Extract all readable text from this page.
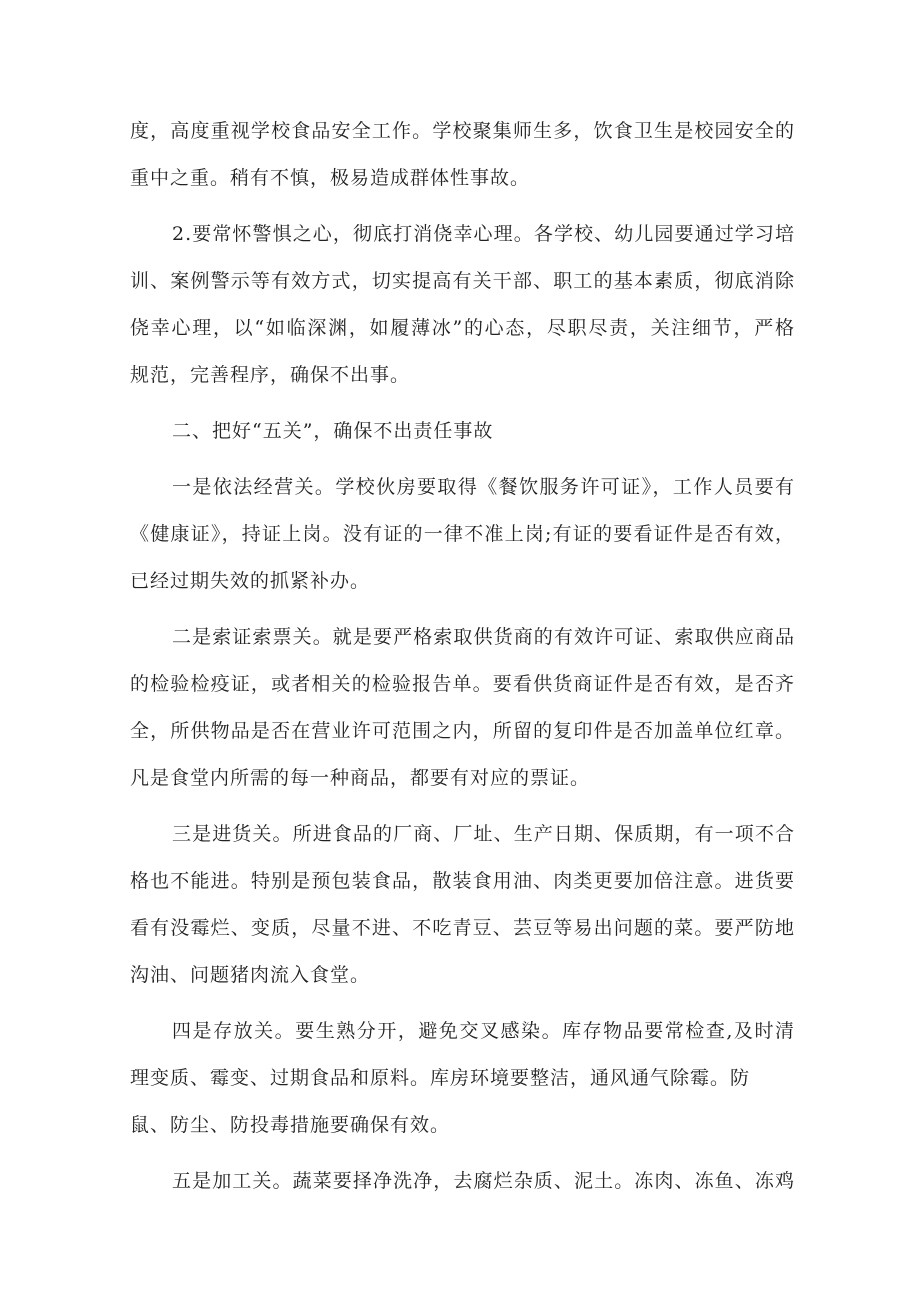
度，高度重视学校食品安全工作。学校聚集师生多，饮食卫生是校园安全的
重中之重。稍有不慎，极易造成群体性事故。
2.要常怀警惧之心，彻底打消侥幸心理。各学校、幼儿园要通过学习培
训、案例警示等有效方式，切实提高有关干部、职工的基本素质，彻底消除
侥幸心理，以“如临深渊，如履薄冰”的心态，尽职尽责，关注细节，严格
规范，完善程序，确保不出事。
二、把好“五关”，确保不出责任事故
一是依法经营关。学校伙房要取得《餐饮服务许可证》，工作人员要有
《健康证》，持证上岗。没有证的一律不准上岗;有证的要看证件是否有效，
已经过期失效的抓紧补办。
二是索证索票关。就是要严格索取供货商的有效许可证、索取供应商品
的检验检疫证，或者相关的检验报告单。要看供货商证件是否有效，是否齐
全，所供物品是否在营业许可范围之内，所留的复印件是否加盖单位红章。
凡是食堂内所需的每一种商品，都要有对应的票证。
三是进货关。所进食品的厂商、厂址、生产日期、保质期，有一项不合
格也不能进。特别是预包装食品，散装食用油、肉类更要加倍注意。进货要
看有没霉烂、变质，尽量不进、不吃青豆、芸豆等易出问题的菜。要严防地
沟油、问题猪肉流入食堂。
四是存放关。要生熟分开，避免交叉感染。库存物品要常检查,及时清
理变质、霉变、过期食品和原料。库房环境要整洁，通风通气除霉。防
鼠、防尘、防投毒措施要确保有效。
五是加工关。蔬菜要择净洗净，去腐烂杂质、泥土。冻肉、冻鱼、冻鸡
